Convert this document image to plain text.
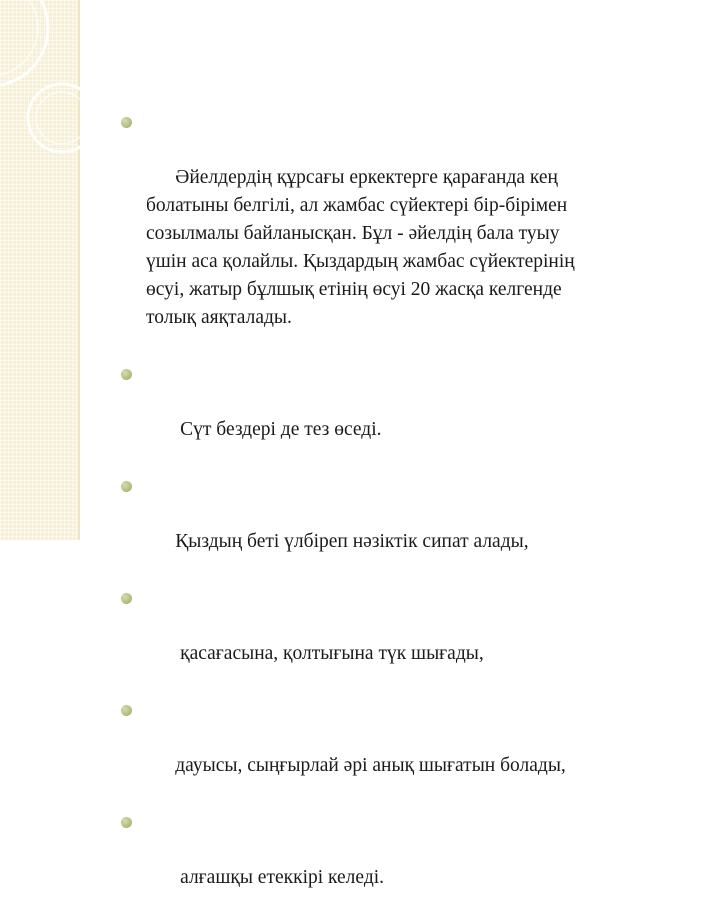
Әйелдердің құрсағы еркектерге қарағанда кең
болатыны белгілі, ал жамбас сүйектері бір-бірімен
созылмалы байланысқан. Бұл - әйелдің бала туыу
үшін аса қолайлы. Қыздардың жамбас сүйектерінің
өсуі, жатыр бұлшық етінің өсуі 20 жасқа келгенде
толық аяқталады.

Сүт бездері де тез өседі.

Қыздың беті үлбіреп нәзіктік сипат алады,

қасағасына, қолтығына түк шығады,

дауысы, сыңғырлай әрі анық шығатын болады,

алғашқы етеккірі келеді.
